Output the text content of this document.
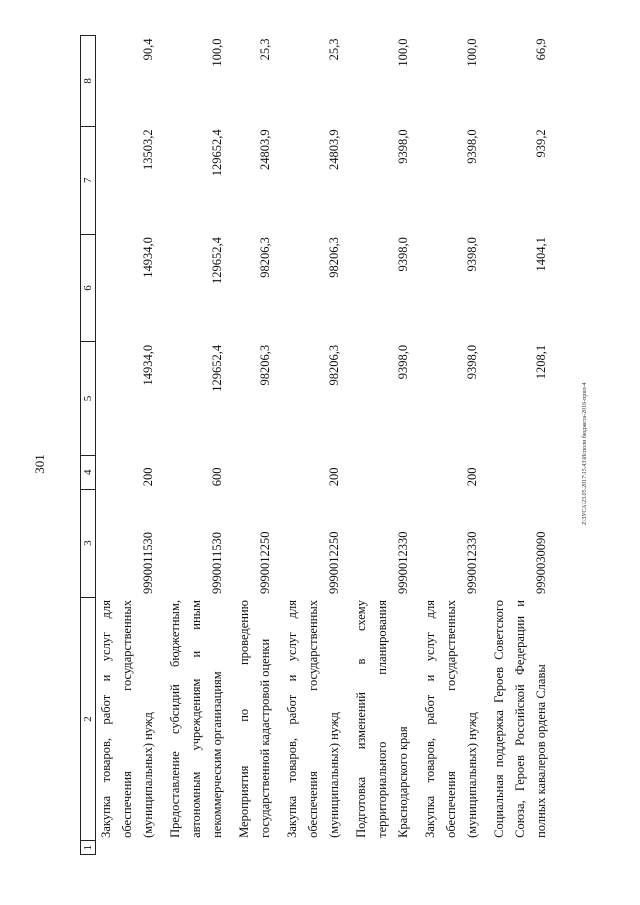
301
1	2	3	4	5	6	7	8
	Закупка товаров, работ и услуг для обеспечения государственных (муниципальных) нужд	9990011530	200	14934,0	14934,0	13503,2	90,4
	Предоставление субсидий бюджетным, автономным учреждениям и иным некоммерческим организациям	9990011530	600	129652,4	129652,4	129652,4	100,0
	Мероприятия по проведению государственной кадастровой оценки	9990012250		98206,3	98206,3	24803,9	25,3
	Закупка товаров, работ и услуг для обеспечения государственных (муниципальных) нужд	9990012250	200	98206,3	98206,3	24803,9	25,3
	Подготовка изменений в схему территориального планирования Краснодарского края	9990012330		9398,0	9398,0	9398,0	100,0
	Закупка товаров, работ и услуг для обеспечения государственных (муниципальных) нужд	9990012330	200	9398,0	9398,0	9398,0	100,0
	Социальная поддержка Героев Советского Союза, Героев Российской Федерации и полных кавалеров ордена Славы	9990030090		1208,1	1404,1	939,2	66,9
Z\ЗУСА\23.05.2017\15.43\Исполн бюджета-2016-прил-4
